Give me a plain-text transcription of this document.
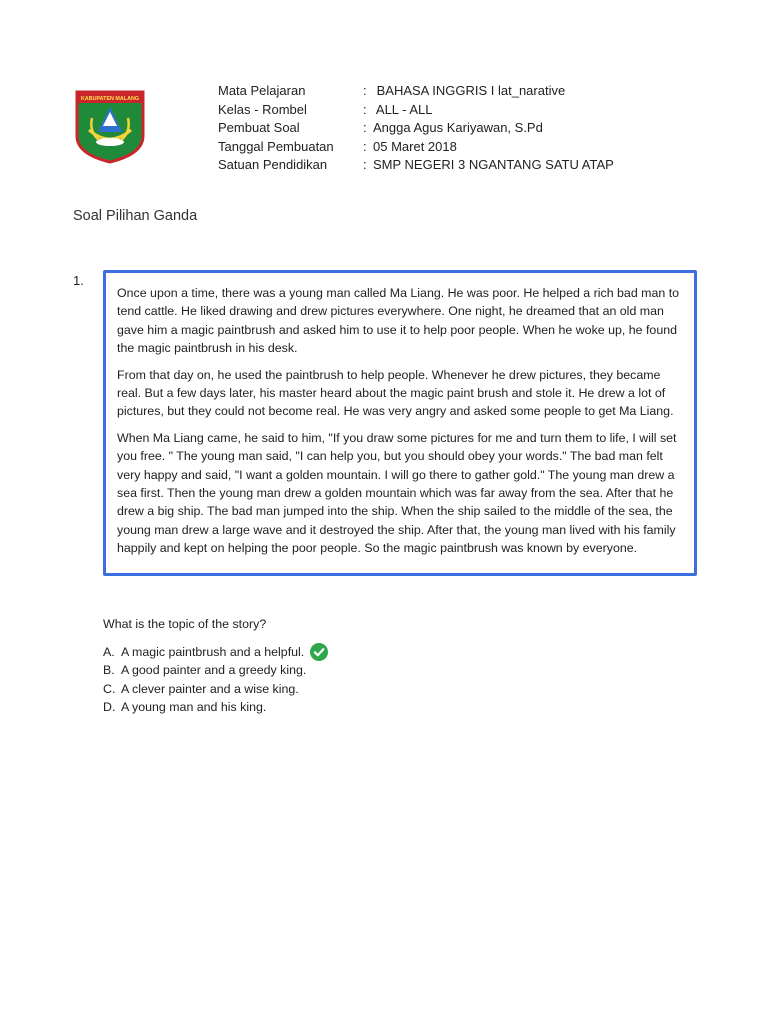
KABUPATEN MALANG
Mata Pelajaran	: BAHASA INGGRIS I lat_narative
Kelas - Rombel	: ALL - ALL
Pembuat Soal	: Angga Agus Kariyawan, S.Pd
Tanggal Pembuatan	: 05 Maret 2018
Satuan Pendidikan	: SMP NEGERI 3 NGANTANG SATU ATAP
Soal Pilihan Ganda
1.

Once upon a time, there was a young man called Ma Liang. He was poor. He helped a rich bad man to tend cattle. He liked drawing and drew pictures everywhere. One night, he dreamed that an old man gave him a magic paintbrush and asked him to use it to help poor people. When he woke up, he found the magic paintbrush in his desk.

From that day on, he used the paintbrush to help people. Whenever he drew pictures, they became real. But a few days later, his master heard about the magic paint brush and stole it. He drew a lot of pictures, but they could not become real. He was very angry and asked some people to get Ma Liang.

When Ma Liang came, he said to him, "If you draw some pictures for me and turn them to life, I will set you free. " The young man said, "I can help you, but you should obey your words." The bad man felt very happy and said, "I want a golden mountain. I will go there to gather gold." The young man drew a sea first. Then the young man drew a golden mountain which was far away from the sea. After that he drew a big ship. The bad man jumped into the ship. When the ship sailed to the middle of the sea, the young man drew a large wave and it destroyed the ship. After that, the young man lived with his family happily and kept on helping the poor people. So the magic paintbrush was known by everyone.

What is the topic of the story?
A. A magic paintbrush and a helpful.
B. A good painter and a greedy king.
C. A clever painter and a wise king.
D. A young man and his king.
